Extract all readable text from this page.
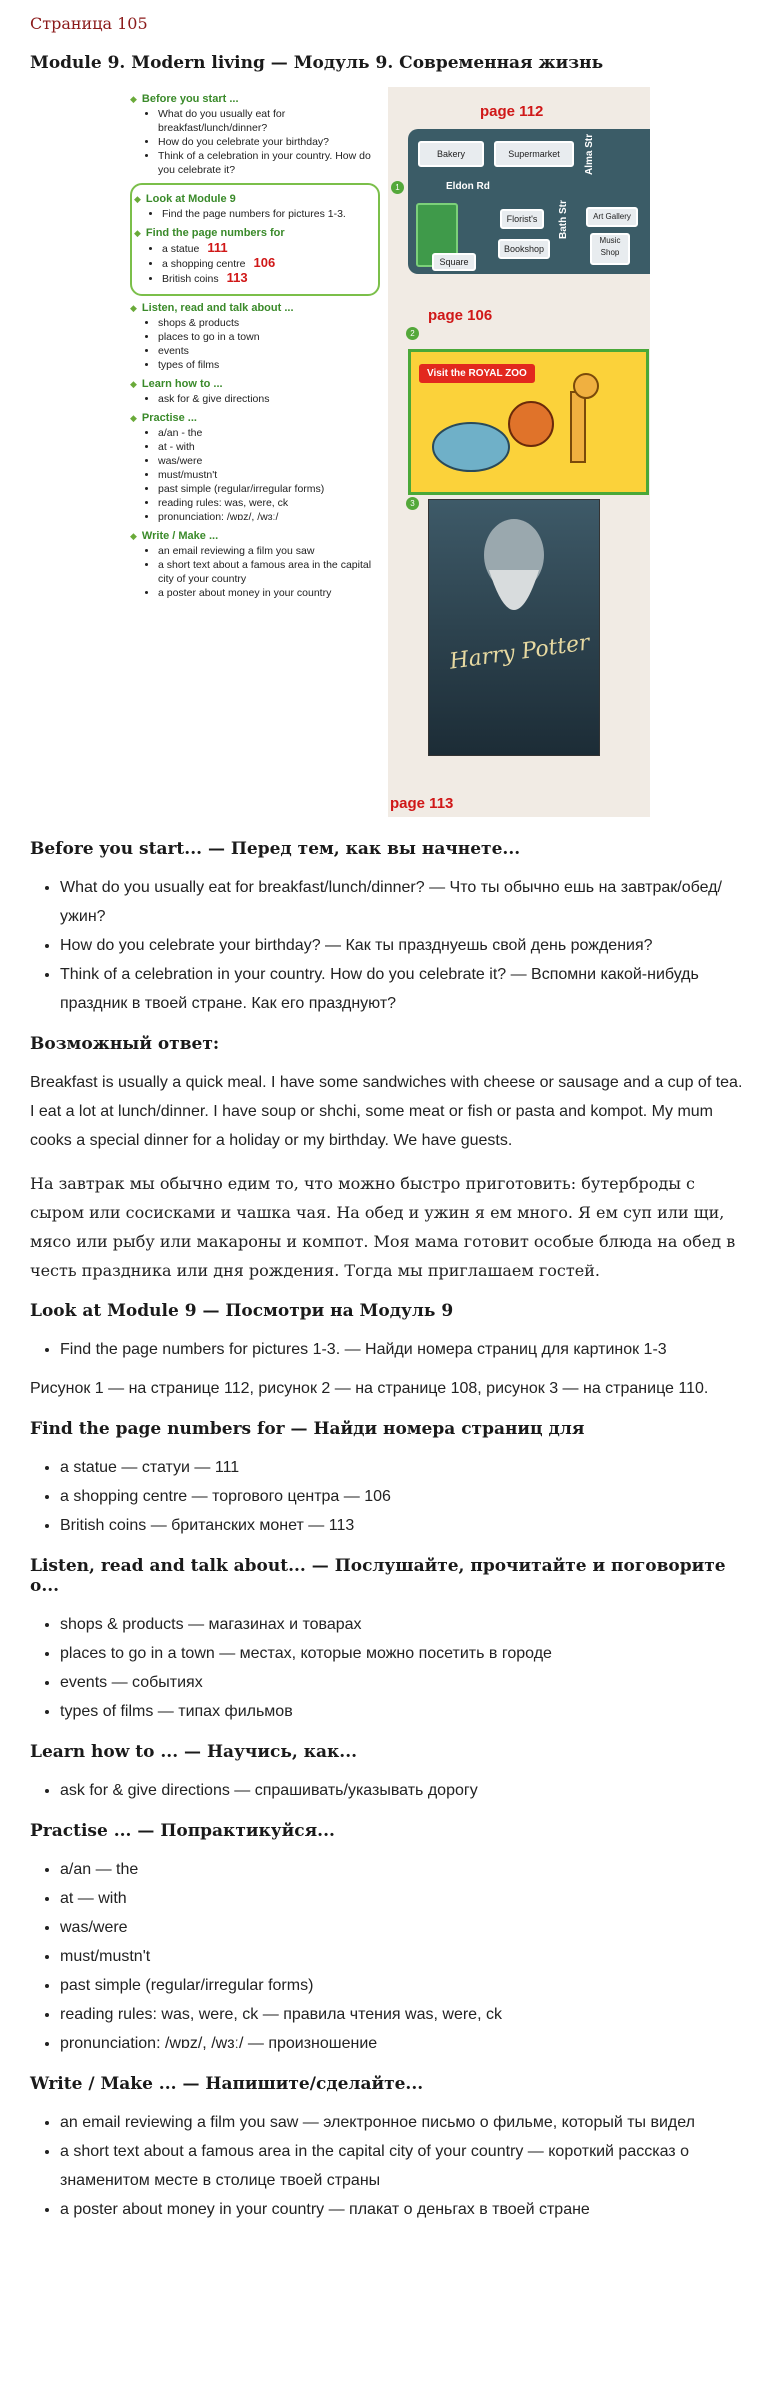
Страница 105
Module 9. Modern living — Модуль 9. Современная жизнь
◆ Before you start ...
• What do you usually eat for breakfast/lunch/dinner?
• How do you celebrate your birthday?
• Think of a celebration in your country. How do you celebrate it?
◆ Look at Module 9
• Find the page numbers for pictures 1-3.
◆ Find the page numbers for
• a statue 111
• a shopping centre 106
• British coins 113
◆ Listen, read and talk about ...
• shops & products
• places to go in a town
• events
• types of films
◆ Learn how to ...
• ask for & give directions
◆ Practise ...
• a/an - the
• at - with
• was/were
• must/mustn't
• past simple (regular/irregular forms)
• reading rules: was, were, ck
• pronunciation: /wɒz/, /wɜː/
◆ Write / Make ...
• an email reviewing a film you saw
• a short text about a famous area in the capital city of your country
• a poster about money in your country
page 112
1
Bakery	Supermarket
Eldon Rd
Alma Str
Florist's
Bookshop
Square
Bath Str	Art Gallery
Music Shop
page 106
2
Visit the ROYAL ZOO
3
Harry Potter
page 113
Before you start... — Перед тем, как вы начнете...
• What do you usually eat for breakfast/lunch/dinner? — Что ты обычно ешь на завтрак/обед/ужин?
• How do you celebrate your birthday? — Как ты празднуешь свой день рождения?
• Think of a celebration in your country. How do you celebrate it? — Вспомни какой-нибудь праздник в твоей стране. Как его празднуют?
Возможный ответ:
Breakfast is usually a quick meal. I have some sandwiches with cheese or sausage and a cup of tea. I eat a lot at lunch/dinner. I have soup or shchi, some meat or fish or pasta and kompot. My mum cooks a special dinner for a holiday or my birthday. We have guests.
На завтрак мы обычно едим то, что можно быстро приготовить: бутерброды с сыром или сосисками и чашка чая. На обед и ужин я ем много. Я ем суп или щи, мясо или рыбу или макароны и компот. Моя мама готовит особые блюда на обед в честь праздника или дня рождения. Тогда мы приглашаем гостей.
Look at Module 9 — Посмотри на Модуль 9
• Find the page numbers for pictures 1-3. — Найди номера страниц для картинок 1-3
Рисунок 1 — на странице 112, рисунок 2 — на странице 108, рисунок 3 — на странице 110.
Find the page numbers for — Найди номера страниц для
• a statue — статуи — 111
• a shopping centre — торгового центра — 106
• British coins — британских монет — 113
Listen, read and talk about... — Послушайте, прочитайте и поговорите о...
• shops & products — магазинах и товарах
• places to go in a town — местах, которые можно посетить в городе
• events — событиях
• types of films — типах фильмов
Learn how to ... — Научись, как...
• ask for & give directions — спрашивать/указывать дорогу
Practise ... — Попрактикуйся...
• a/an — the
• at — with
• was/were
• must/mustn't
• past simple (regular/irregular forms)
• reading rules: was, were, ck — правила чтения was, were, ck
• pronunciation: /wɒz/, /wɜː/ — произношение
Write / Make ... — Напишите/сделайте...
• an email reviewing a film you saw — электронное письмо о фильме, который ты видел
• a short text about a famous area in the capital city of your country — короткий рассказ о знаменитом месте в столице твоей страны
• a poster about money in your country — плакат о деньгах в твоей стране
